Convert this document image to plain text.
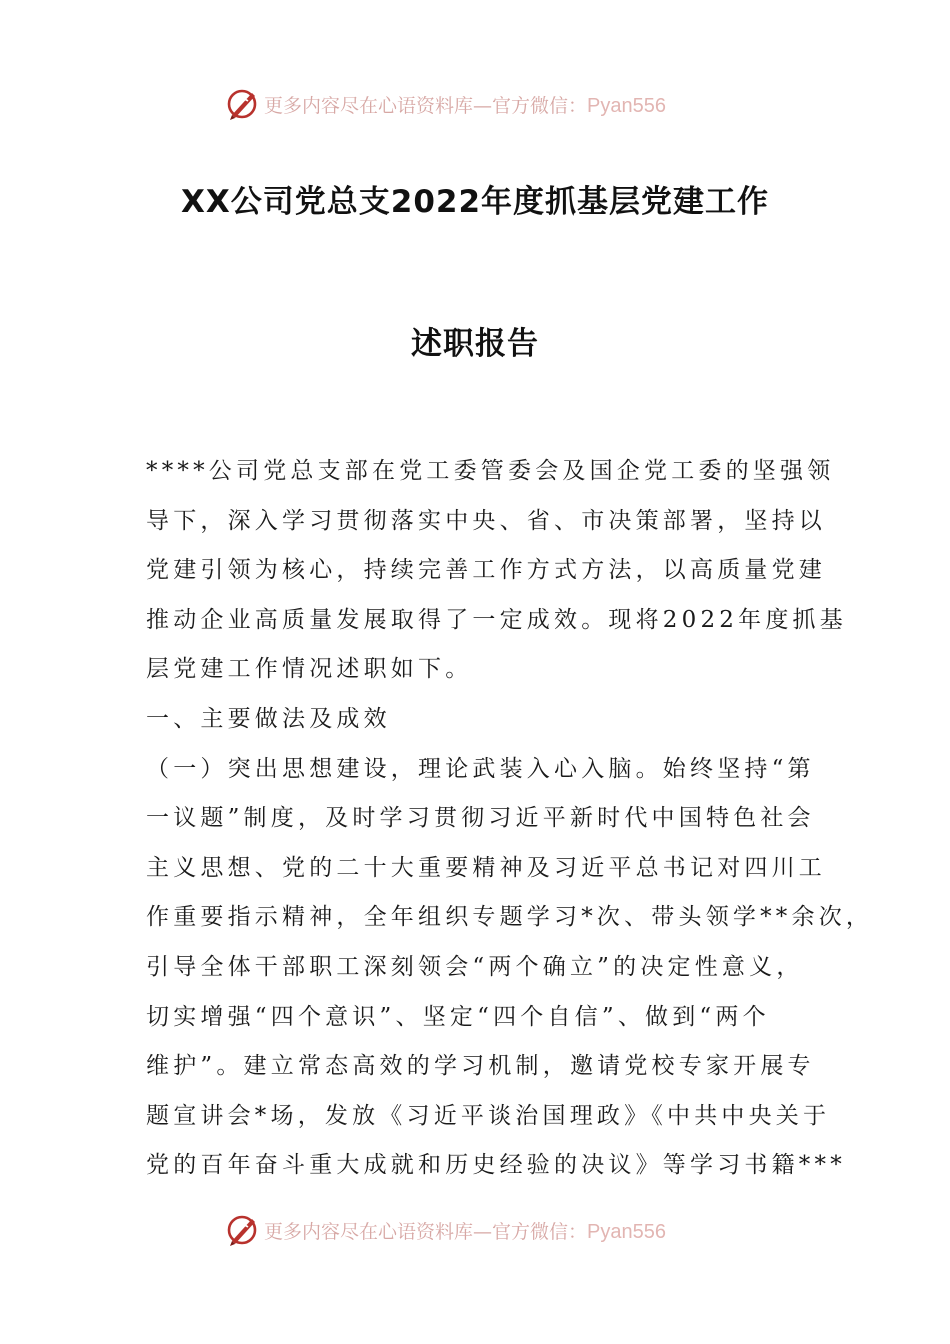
更多内容尽在心语资料库—官方微信：Pyan556
XX公司党总支2022年度抓基层党建工作
述职报告
****公司党总支部在党工委管委会及国企党工委的坚强领
导下，深入学习贯彻落实中央、省、市决策部署，坚持以
党建引领为核心，持续完善工作方式方法，以高质量党建
推动企业高质量发展取得了一定成效。现将2022年度抓基
层党建工作情况述职如下。
一、主要做法及成效
（一）突出思想建设，理论武装入心入脑。始终坚持“第
一议题”制度，及时学习贯彻习近平新时代中国特色社会
主义思想、党的二十大重要精神及习近平总书记对四川工
作重要指示精神，全年组织专题学习*次、带头领学**余次，
引导全体干部职工深刻领会“两个确立”的决定性意义，
切实增强“四个意识”、坚定“四个自信”、做到“两个
维护”。建立常态高效的学习机制，邀请党校专家开展专
题宣讲会*场，发放《习近平谈治国理政》《中共中央关于
党的百年奋斗重大成就和历史经验的决议》等学习书籍***
更多内容尽在心语资料库—官方微信：Pyan556
